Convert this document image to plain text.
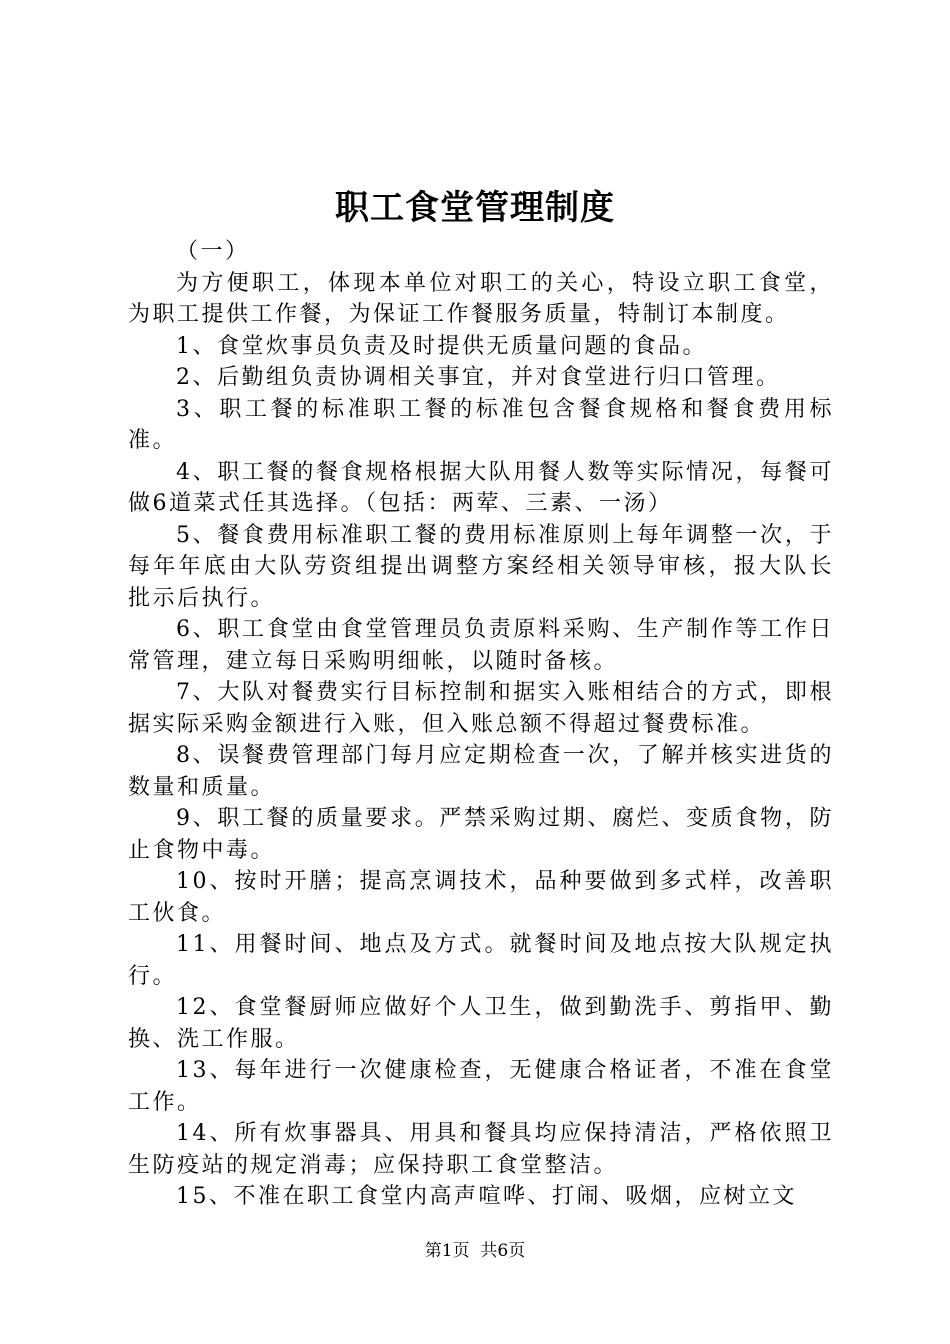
职工食堂管理制度

（一）

为方便职工，体现本单位对职工的关心，特设立职工食堂，为职工提供工作餐，为保证工作餐服务质量，特制订本制度。

1、食堂炊事员负责及时提供无质量问题的食品。

2、后勤组负责协调相关事宜，并对食堂进行归口管理。

3、职工餐的标准职工餐的标准包含餐食规格和餐食费用标准。

4、职工餐的餐食规格根据大队用餐人数等实际情况，每餐可做6道菜式任其选择。（包括：两荤、三素、一汤）

5、餐食费用标准职工餐的费用标准原则上每年调整一次，于每年年底由大队劳资组提出调整方案经相关领导审核，报大队长批示后执行。

6、职工食堂由食堂管理员负责原料采购、生产制作等工作日常管理，建立每日采购明细帐，以随时备核。

7、大队对餐费实行目标控制和据实入账相结合的方式，即根据实际采购金额进行入账，但入账总额不得超过餐费标准。

8、误餐费管理部门每月应定期检查一次，了解并核实进货的数量和质量。

9、职工餐的质量要求。严禁采购过期、腐烂、变质食物，防止食物中毒。

10、按时开膳；提高烹调技术，品种要做到多式样，改善职工伙食。

11、用餐时间、地点及方式。就餐时间及地点按大队规定执行。

12、食堂餐厨师应做好个人卫生，做到勤洗手、剪指甲、勤换、洗工作服。

13、每年进行一次健康检查，无健康合格证者，不准在食堂工作。

14、所有炊事器具、用具和餐具均应保持清洁，严格依照卫生防疫站的规定消毒；应保持职工食堂整洁。

15、不准在职工食堂内高声喧哗、打闹、吸烟，应树立文

第1页  共6页
